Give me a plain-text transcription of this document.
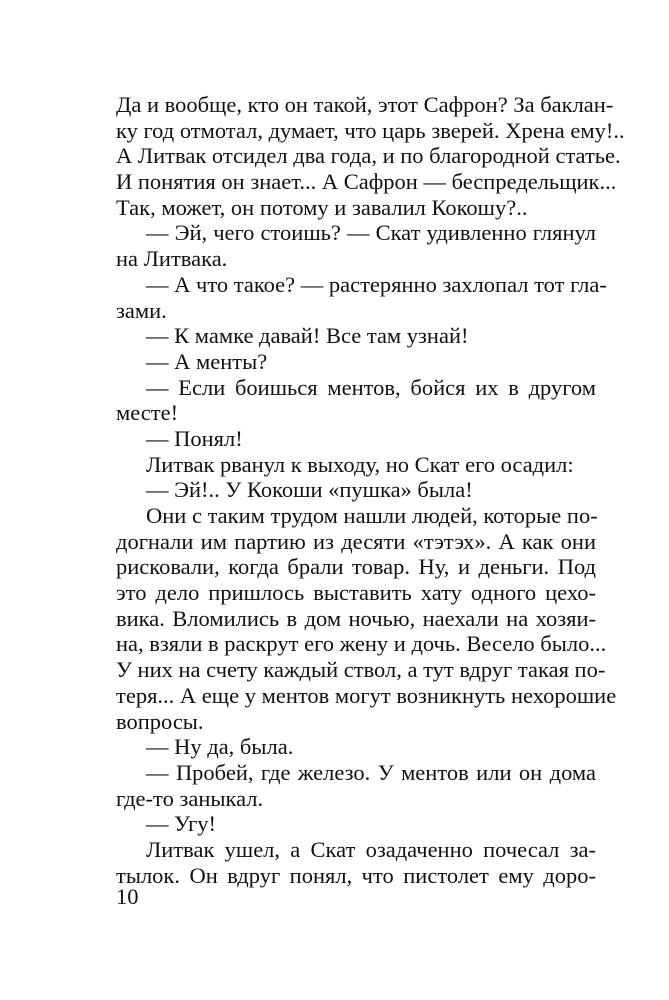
Да и вообще, кто он такой, этот Сафрон? За баклан-
ку год отмотал, думает, что царь зверей. Хрена ему!..
А Литвак отсидел два года, и по благородной статье.
И понятия он знает... А Сафрон — беспредельщик...
Так, может, он потому и завалил Кокошу?..
— Эй, чего стоишь? — Скат удивленно глянул
на Литвака.
— А что такое? — растерянно захлопал тот гла-
зами.
— К мамке давай! Все там узнай!
— А менты?
— Если боишься ментов, бойся их в другом
месте!
— Понял!
Литвак рванул к выходу, но Скат его осадил:
— Эй!.. У Кокоши «пушка» была!
Они с таким трудом нашли людей, которые по-
догнали им партию из десяти «тэтэх». А как они
рисковали, когда брали товар. Ну, и деньги. Под
это дело пришлось выставить хату одного цехо-
вика. Вломились в дом ночью, наехали на хозяи-
на, взяли в раскрут его жену и дочь. Весело было...
У них на счету каждый ствол, а тут вдруг такая по-
теря... А еще у ментов могут возникнуть нехорошие
вопросы.
— Ну да, была.
— Пробей, где железо. У ментов или он дома
где-то заныкал.
— Угу!
Литвак ушел, а Скат озадаченно почесал за-
тылок. Он вдруг понял, что пистолет ему доро-
10
